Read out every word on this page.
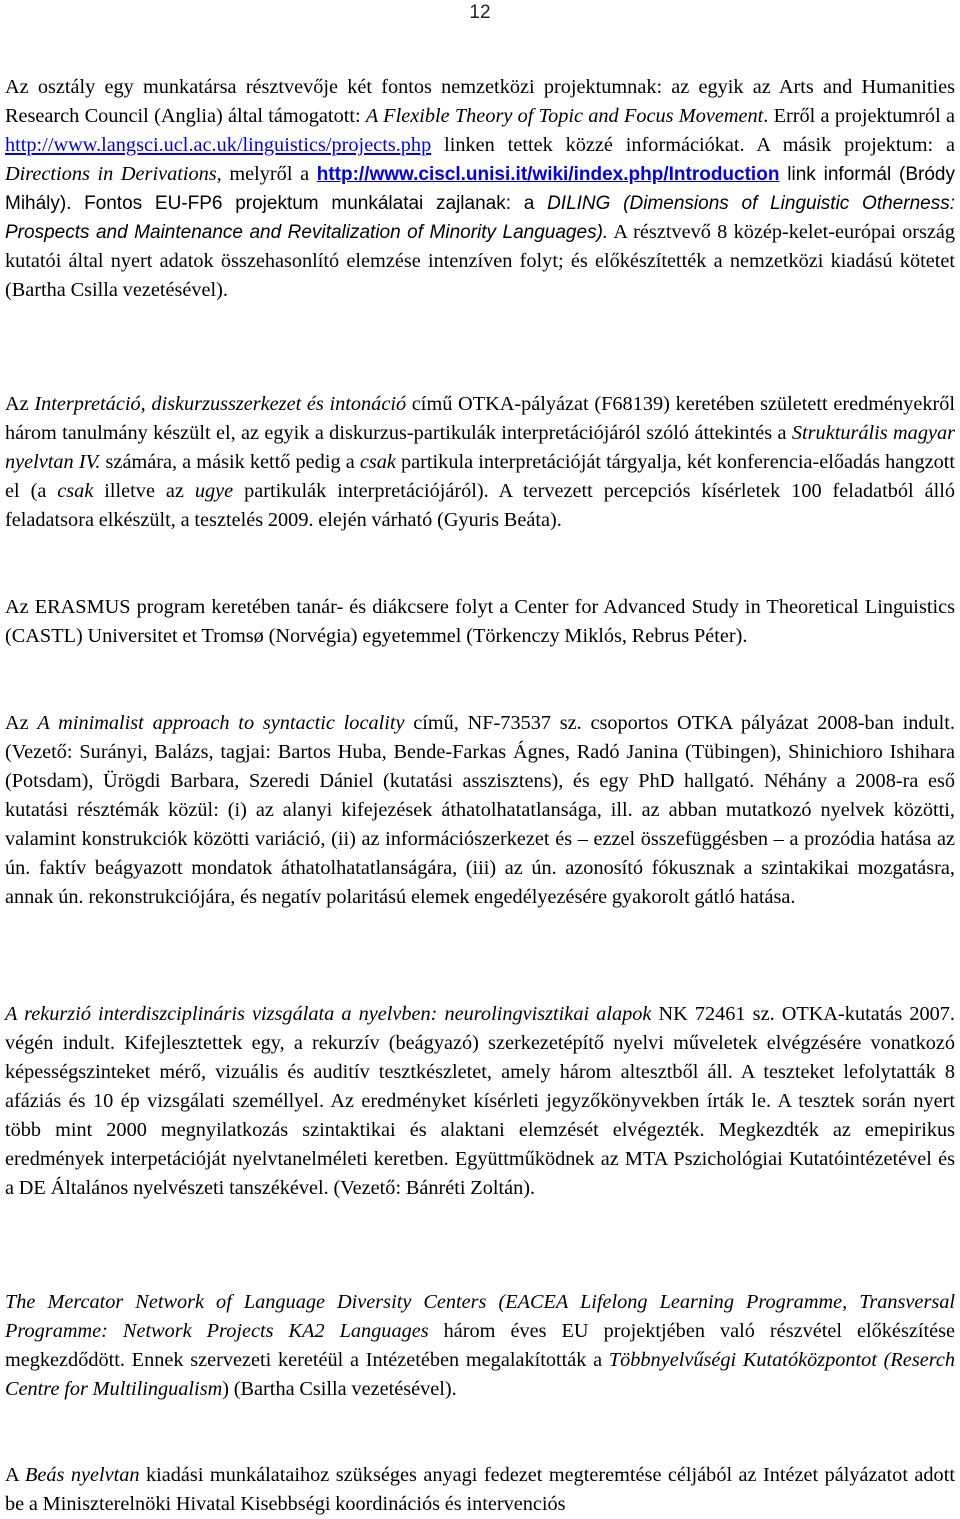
12

Az osztály egy munkatársa résztvevője két fontos nemzetközi projektumnak: az egyik az Arts and Humanities Research Council (Anglia) által támogatott: A Flexible Theory of Topic and Focus Movement. Erről a projektumról a http://www.langsci.ucl.ac.uk/linguistics/projects.php linken tettek közzé információkat. A másik projektum: a Directions in Derivations, melyről a http://www.ciscl.unisi.it/wiki/index.php/Introduction link informál (Bródy Mihály). Fontos EU-FP6 projektum munkálatai zajlanak: a DILING (Dimensions of Linguistic Otherness: Prospects and Maintenance and Revitalization of Minority Languages). A résztvevő 8 közép-kelet-európai ország kutatói által nyert adatok összehasonlító elemzése intenzíven folyt; és előkészítették a nemzetközi kiadású kötetet (Bartha Csilla vezetésével).

Az Interpretáció, diskurzusszerkezet és intonáció című OTKA-pályázat (F68139) keretében született eredményekről három tanulmány készült el, az egyik a diskurzus-partikulák interpretációjáról szóló áttekintés a Strukturális magyar nyelvtan IV. számára, a másik kettő pedig a csak partikula interpretációját tárgyalja, két konferencia-előadás hangzott el (a csak illetve az ugye partikulák interpretációjáról). A tervezett percepciós kísérletek 100 feladatból álló feladatsora elkészült, a tesztelés 2009. elején várható (Gyuris Beáta).

Az ERASMUS program keretében tanár- és diákcsere folyt a Center for Advanced Study in Theoretical Linguistics (CASTL) Universitet et Tromsø (Norvégia) egyetemmel (Törkenczy Miklós, Rebrus Péter).

Az A minimalist approach to syntactic locality című, NF-73537 sz. csoportos OTKA pályázat 2008-ban indult. (Vezető: Surányi, Balázs, tagjai: Bartos Huba, Bende-Farkas Ágnes, Radó Janina (Tübingen), Shinichioro Ishihara (Potsdam), Ürögdi Barbara, Szeredi Dániel (kutatási asszisztens), és egy PhD hallgató. Néhány a 2008-ra eső kutatási résztémák közül: (i) az alanyi kifejezések áthatolhatatlansága, ill. az abban mutatkozó nyelvek közötti, valamint konstrukciók közötti variáció, (ii) az információszerkezet és – ezzel összefüggésben – a prozódia hatása az ún. faktív beágyazott mondatok áthatolhatatlanságára, (iii) az ún. azonosító fókusznak a szintakikai mozgatásra, annak ún. rekonstrukciójára, és negatív polaritású elemek engedélyezésére gyakorolt gátló hatása.

A rekurzió interdiszciplináris vizsgálata a nyelvben: neurolingvisztikai alapok NK 72461 sz. OTKA-kutatás 2007. végén indult. Kifejlesztettek egy, a rekurzív (beágyazó) szerkezetépítő nyelvi műveletek elvégzésére vonatkozó képességszinteket mérő, vizuális és auditív tesztkészletet, amely három altesztből áll. A teszteket lefolytatták 8 afáziás és 10 ép vizsgálati személlyel. Az eredményket kísérleti jegyzőkönyvekben írták le. A tesztek során nyert több mint 2000 megnyilatkozás szintaktikai és alaktani elemzését elvégezték. Megkezdték az emepirikus eredmények interpetációját nyelvtanelméleti keretben. Együttműködnek az MTA Pszichológiai Kutatóintézetével és a DE Általános nyelvészeti tanszékével. (Vezető: Bánréti Zoltán).

The Mercator Network of Language Diversity Centers (EACEA Lifelong Learning Programme, Transversal Programme: Network Projects KA2 Languages három éves EU projektjében való részvétel előkészítése megkezdődött. Ennek szervezeti keretéül a Intézetében megalakították a Többnyelvűségi Kutatóközpontot (Reserch Centre for Multilingualism) (Bartha Csilla vezetésével).

A Beás nyelvtan kiadási munkálataihoz szükséges anyagi fedezet megteremtése céljából az Intézet pályázatot adott be a Miniszterelnöki Hivatal Kisebbségi koordinációs és intervenciós
